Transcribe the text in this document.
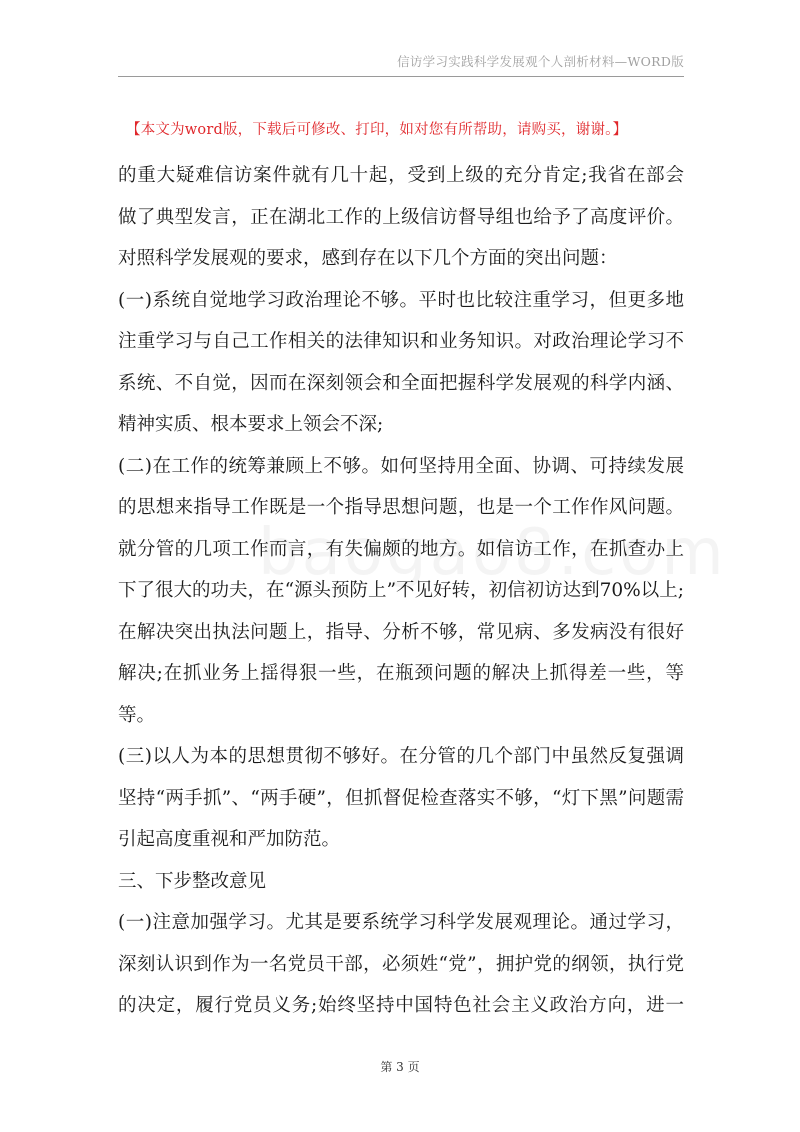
信访学习实践科学发展观个人剖析材料—WORD版
【本文为word版，下载后可修改、打印，如对您有所帮助，请购买，谢谢。】
的重大疑难信访案件就有几十起，受到上级的充分肯定;我省在部会
做了典型发言，正在湖北工作的上级信访督导组也给予了高度评价。
对照科学发展观的要求，感到存在以下几个方面的突出问题：
(一)系统自觉地学习政治理论不够。平时也比较注重学习，但更多地
注重学习与自己工作相关的法律知识和业务知识。对政治理论学习不
系统、不自觉，因而在深刻领会和全面把握科学发展观的科学内涵、
精神实质、根本要求上领会不深;
(二)在工作的统筹兼顾上不够。如何坚持用全面、协调、可持续发展
的思想来指导工作既是一个指导思想问题，也是一个工作作风问题。
就分管的几项工作而言，有失偏颇的地方。如信访工作，在抓查办上
下了很大的功夫，在“源头预防上”不见好转，初信初访达到70%以上;
在解决突出执法问题上，指导、分析不够，常见病、多发病没有很好
解决;在抓业务上揺得狠一些，在瓶颈问题的解决上抓得差一些，等
等。
(三)以人为本的思想贯彻不够好。在分管的几个部门中虽然反复强调
坚持“两手抓”、“两手硬”，但抓督促检查落实不够，“灯下黑”问题需
引起高度重视和严加防范。
三、下步整改意见
(一)注意加强学习。尤其是要系统学习科学发展观理论。通过学习，
深刻认识到作为一名党员干部，必须姓“党”，拥护党的纲领，执行党
的决定，履行党员义务;始终坚持中国特色社会主义政治方向，进一
第 3 页
